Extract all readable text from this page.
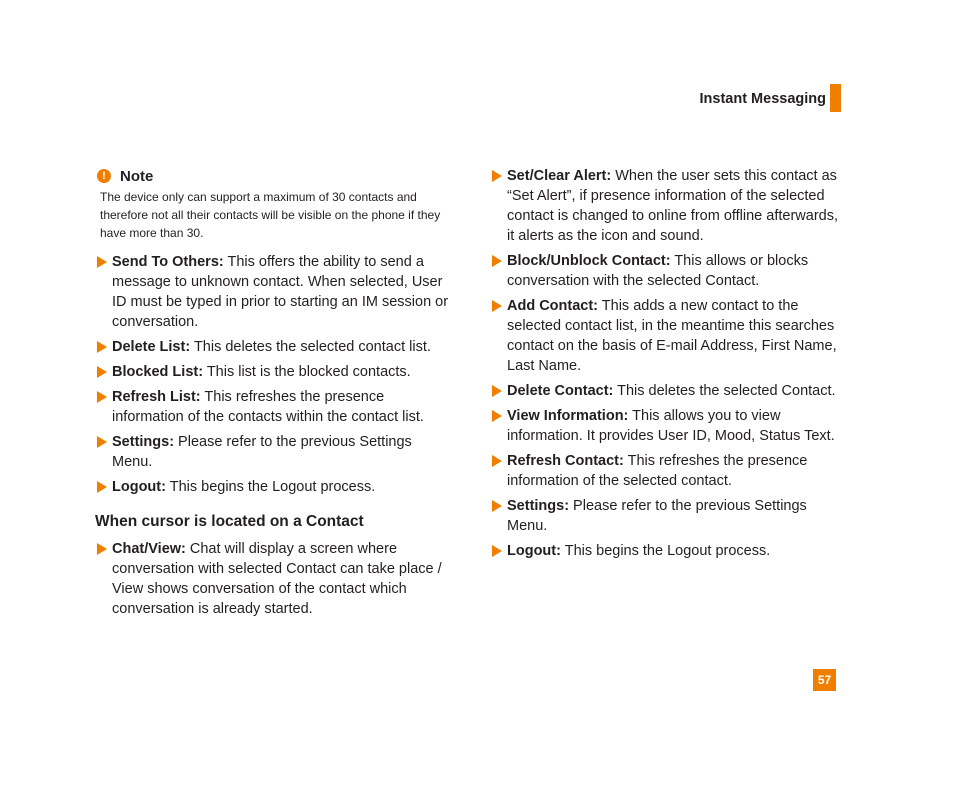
Instant Messaging
! Note
The device only can support a maximum of 30 contacts and therefore not all their contacts will be visible on the phone if they have more than 30.
Send To Others: This offers the ability to send a message to unknown contact. When selected, User ID must be typed in prior to starting an IM session or conversation.
Delete List: This deletes the selected contact list.
Blocked List: This list is the blocked contacts.
Refresh List: This refreshes the presence information of the contacts within the contact list.
Settings: Please refer to the previous Settings Menu.
Logout: This begins the Logout process.
When cursor is located on a Contact
Chat/View: Chat will display a screen where conversation with selected Contact can take place / View shows conversation of the contact which conversation is already started.
Set/Clear Alert: When the user sets this contact as “Set Alert”, if presence information of the selected contact is changed to online from offline afterwards, it alerts as the icon and sound.
Block/Unblock Contact: This allows or blocks conversation with the selected Contact.
Add Contact: This adds a new contact to the selected contact list, in the meantime this searches contact on the basis of E-mail Address, First Name, Last Name.
Delete Contact: This deletes the selected Contact.
View Information: This allows you to view information. It provides User ID, Mood, Status Text.
Refresh Contact: This refreshes the presence information of the selected contact.
Settings: Please refer to the previous Settings Menu.
Logout: This begins the Logout process.
57
